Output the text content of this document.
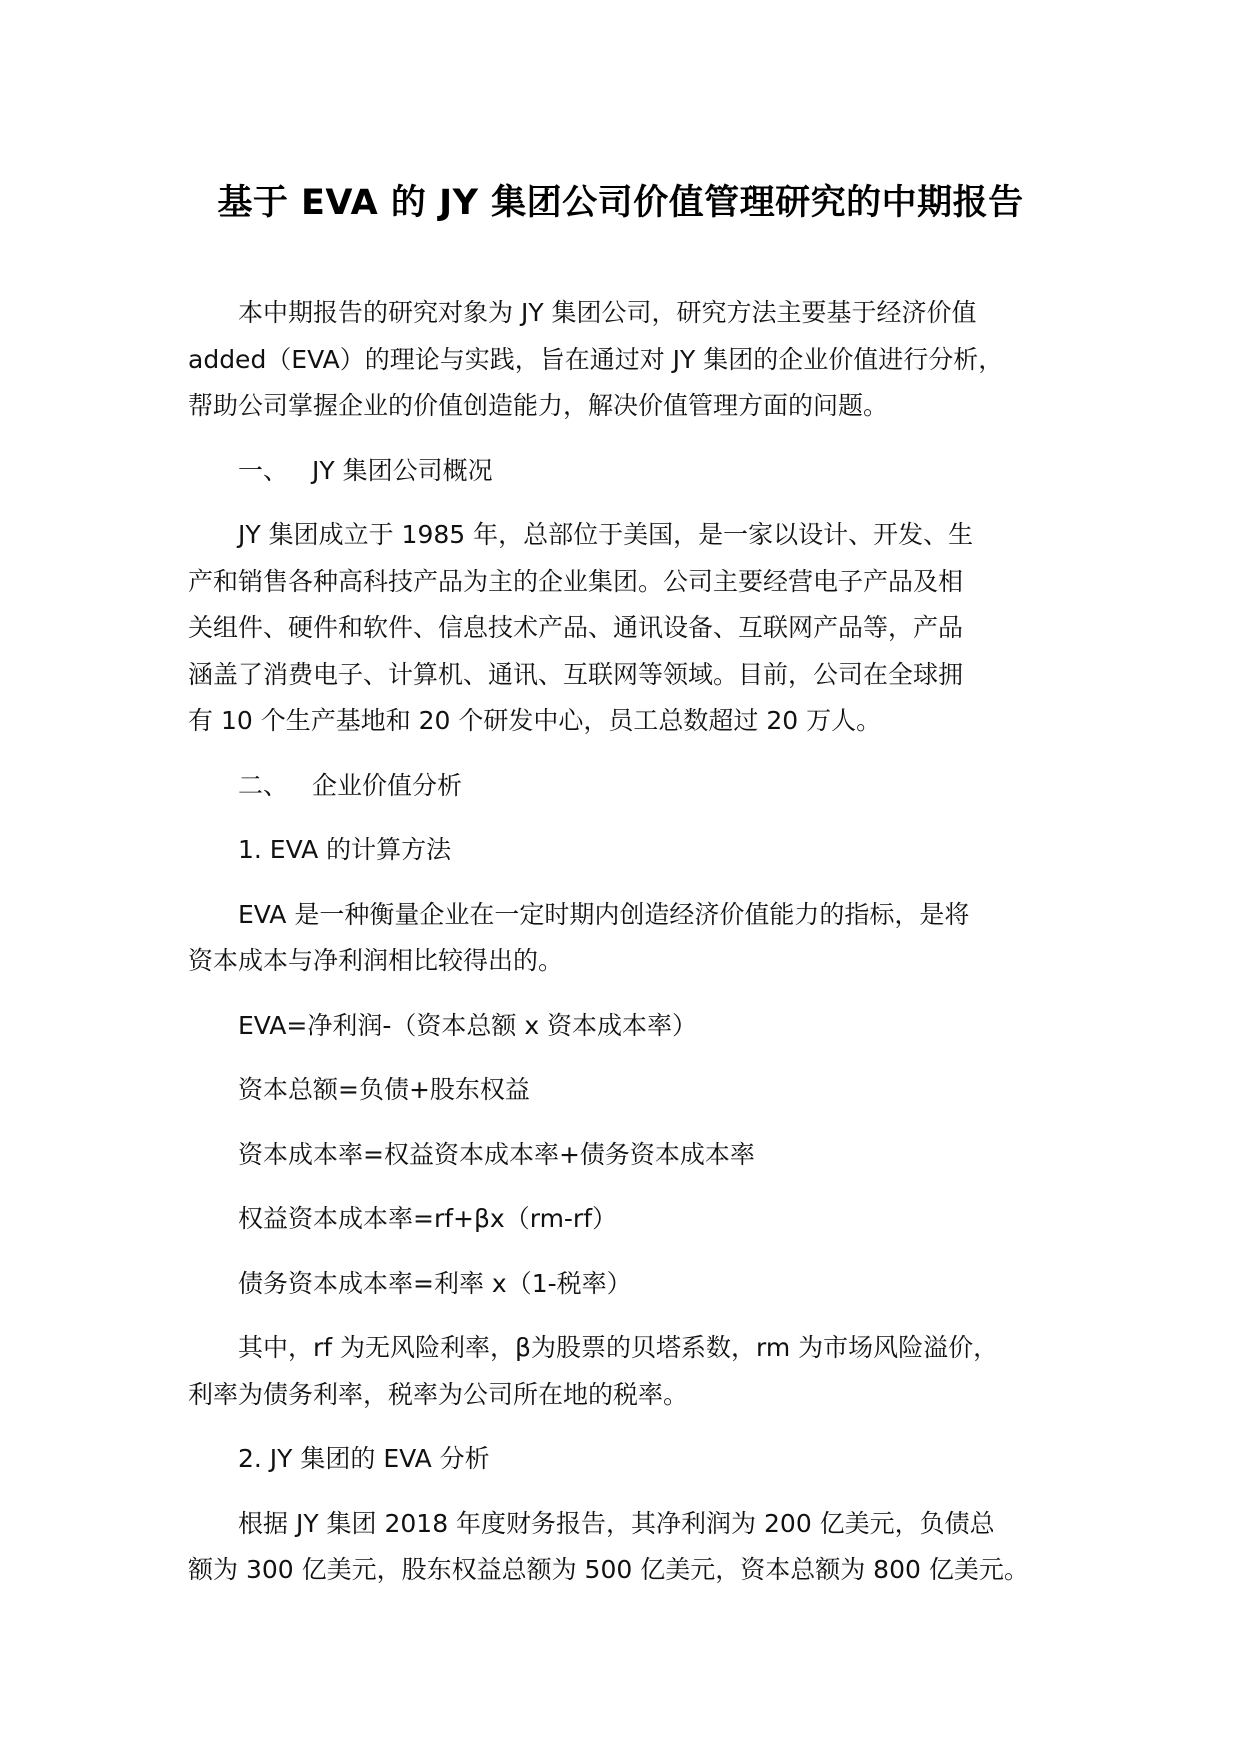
基于 EVA 的 JY 集团公司价值管理研究的中期报告
本中期报告的研究对象为 JY 集团公司，研究方法主要基于经济价值
added（EVA）的理论与实践，旨在通过对 JY 集团的企业价值进行分析，
帮助公司掌握企业的价值创造能力，解决价值管理方面的问题。
一、 JY 集团公司概况
JY 集团成立于 1985 年，总部位于美国，是一家以设计、开发、生
产和销售各种高科技产品为主的企业集团。公司主要经营电子产品及相
关组件、硬件和软件、信息技术产品、通讯设备、互联网产品等，产品
涵盖了消费电子、计算机、通讯、互联网等领域。目前，公司在全球拥
有 10 个生产基地和 20 个研发中心，员工总数超过 20 万人。
二、 企业价值分析
1. EVA 的计算方法
EVA 是一种衡量企业在一定时期内创造经济价值能力的指标，是将
资本成本与净利润相比较得出的。
EVA=净利润-（资本总额 x 资本成本率）
资本总额=负债+股东权益
资本成本率=权益资本成本率+债务资本成本率
权益资本成本率=rf+βx（rm-rf）
债务资本成本率=利率 x（1-税率）
其中，rf 为无风险利率，β为股票的贝塔系数，rm 为市场风险溢价，
利率为债务利率，税率为公司所在地的税率。
2. JY 集团的 EVA 分析
根据 JY 集团 2018 年度财务报告，其净利润为 200 亿美元，负债总
额为 300 亿美元，股东权益总额为 500 亿美元，资本总额为 800 亿美元。
